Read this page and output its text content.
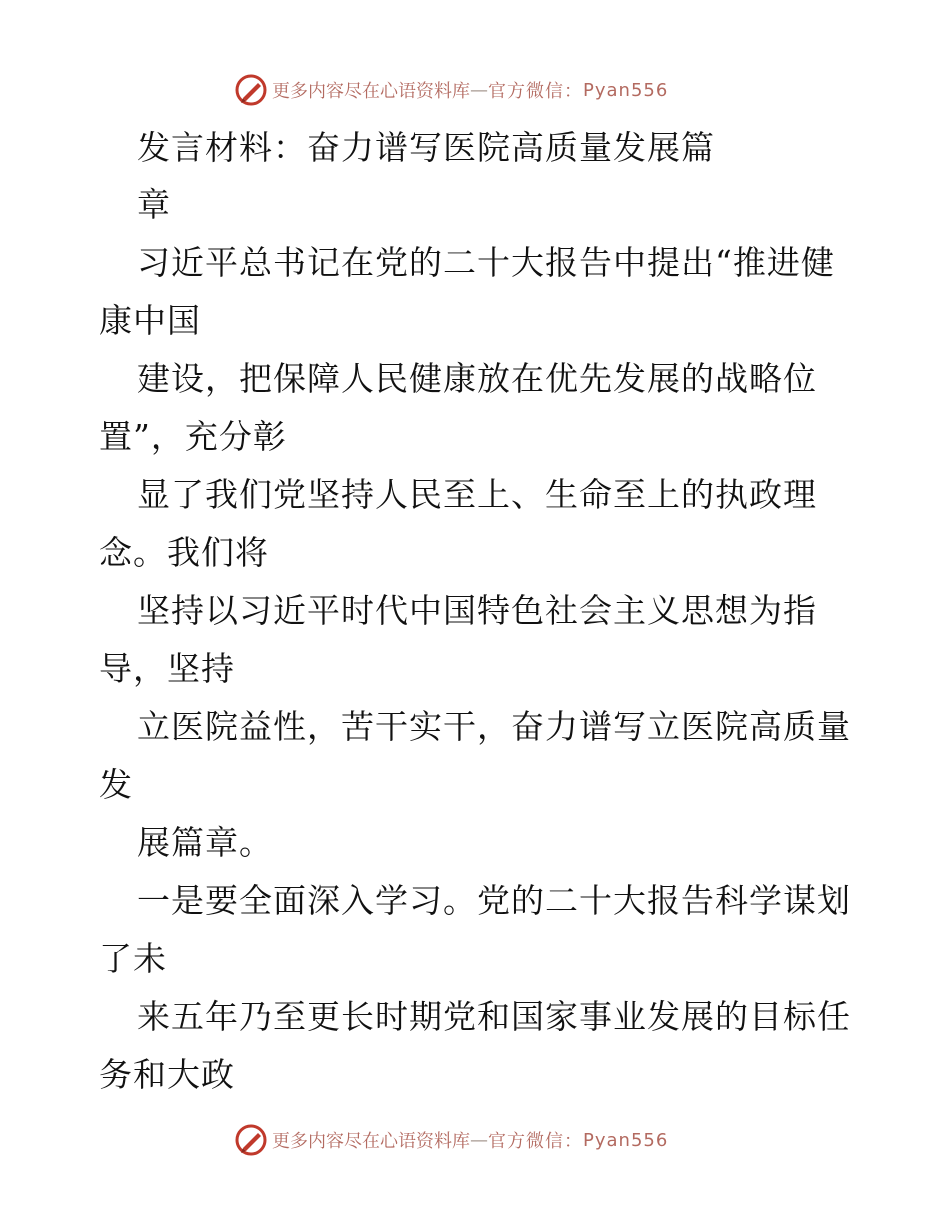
更多内容尽在心语资料库 — 官方微信： Pyan556
发言材料：奋力谱写医院高质量发展篇
章
习近平总书记在党的二十大报告中提出“推进健
康中国
建设，把保障人民健康放在优先发展的战略位
置”，充分彰
显了我们党坚持人民至上、生命至上的执政理
念。我们将
坚持以习近平时代中国特色社会主义思想为指
导，坚持
立医院益性，苦干实干，奋力谱写立医院高质量
发
展篇章。
一是要全面深入学习。党的二十大报告科学谋划
了未
来五年乃至更长时期党和国家事业发展的目标任
务和大政
更多内容尽在心语资料库 — 官方微信： Pyan556
